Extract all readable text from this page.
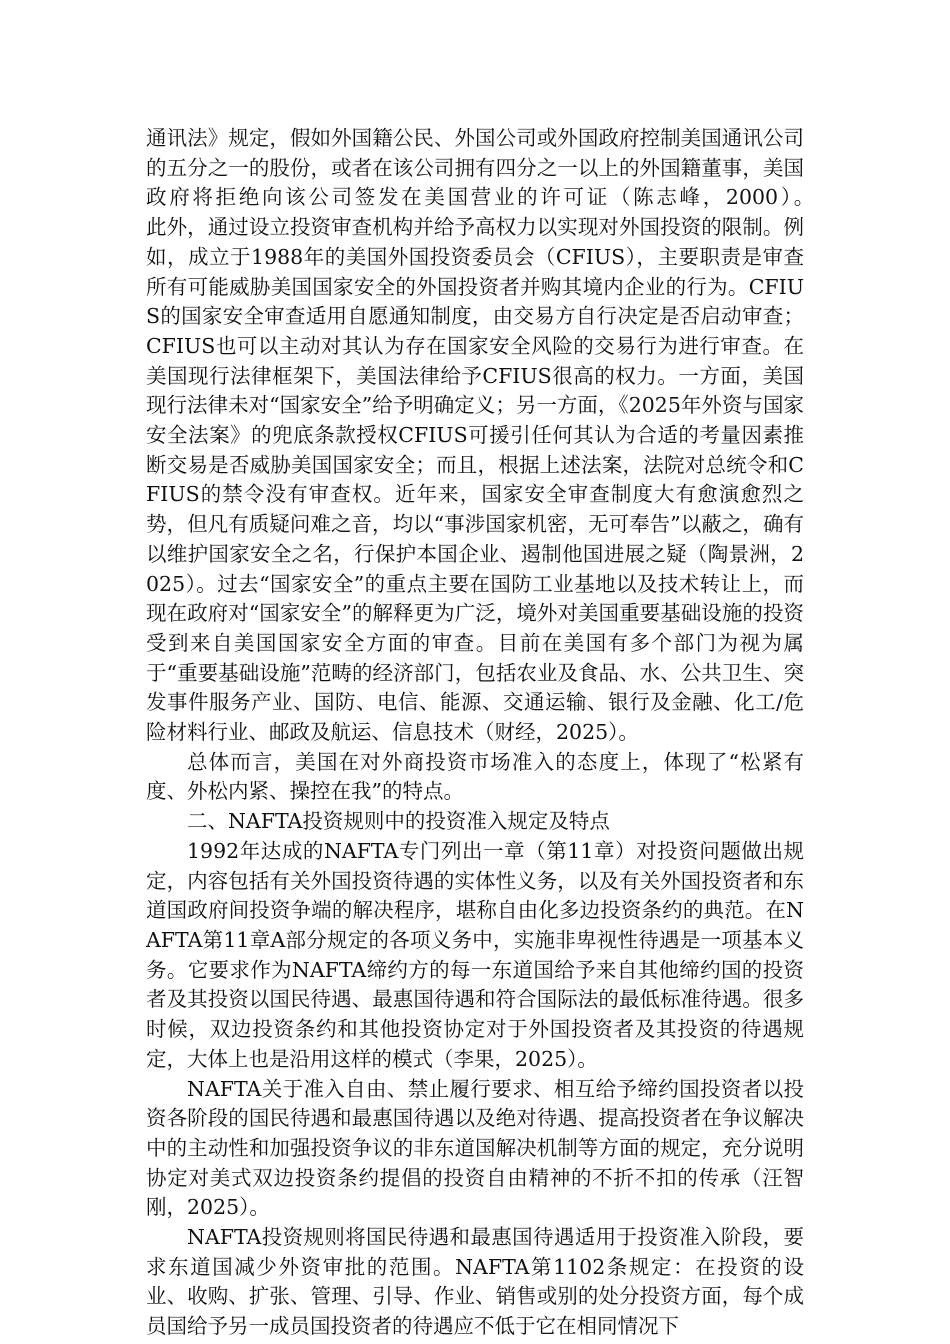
通讯法》规定，假如外国籍公民、外国公司或外国政府控制美国通讯公司的五分之一的股份，或者在该公司拥有四分之一以上的外国籍董事，美国政府将拒绝向该公司签发在美国营业的许可证（陈志峰，2000）。　　　此外，通过设立投资审查机构并给予高权力以实现对外国投资的限制。例如，成立于1988年的美国外国投资委员会（CFIUS），主要职责是审查所有可能威胁美国国家安全的外国投资者并购其境内企业的行为。CFIUS的国家安全审查适用自愿通知制度，由交易方自行决定是否启动审查；CFIUS也可以主动对其认为存在国家安全风险的交易行为进行审查。在美国现行法律框架下，美国法律给予CFIUS很高的权力。一方面，美国现行法律未对“国家安全”给予明确定义；另一方面，《2025年外资与国家安全法案》的兜底条款授权CFIUS可援引任何其认为合适的考量因素推断交易是否威胁美国国家安全；而且，根据上述法案，法院对总统令和CFIUS的禁令没有审查权。近年来，国家安全审查制度大有愈演愈烈之势，但凡有质疑问难之音，均以“事涉国家机密，无可奉告”以蔽之，确有以维护国家安全之名，行保护本国企业、遏制他国进展之疑（陶景洲，2025）。过去“国家安全”的重点主要在国防工业基地以及技术转让上，而现在政府对“国家安全”的解释更为广泛，境外对美国重要基础设施的投资受到来自美国国家安全方面的审查。目前在美国有多个部门为视为属于“重要基础设施”范畴的经济部门，包括农业及食品、水、公共卫生、突发事件服务产业、国防、电信、能源、交通运输、银行及金融、化工/危险材料行业、邮政及航运、信息技术（财经，2025）。

总体而言，美国在对外商投资市场准入的态度上，体现了“松紧有度、外松内紧、操控在我”的特点。

二、NAFTA投资规则中的投资准入规定及特点

1992年达成的NAFTA专门列出一章（第11章）对投资问题做出规定，内容包括有关外国投资待遇的实体性义务，以及有关外国投资者和东道国政府间投资争端的解决程序，堪称自由化多边投资条约的典范。在NAFTA第11章A部分规定的各项义务中，实施非卑视性待遇是一项基本义务。它要求作为NAFTA缔约方的每一东道国给予来自其他缔约国的投资者及其投资以国民待遇、最惠国待遇和符合国际法的最低标准待遇。很多时候，双边投资条约和其他投资协定对于外国投资者及其投资的待遇规定，大体上也是沿用这样的模式（李果，2025）。

NAFTA关于准入自由、禁止履行要求、相互给予缔约国投资者以投资各阶段的国民待遇和最惠国待遇以及绝对待遇、提高投资者在争议解决中的主动性和加强投资争议的非东道国解决机制等方面的规定，充分说明协定对美式双边投资条约提倡的投资自由精神的不折不扣的传承（汪智刚，2025）。

NAFTA投资规则将国民待遇和最惠国待遇适用于投资准入阶段，要求东道国减少外资审批的范围。NAFTA第1102条规定：在投资的设业、收购、扩张、管理、引导、作业、销售或别的处分投资方面，每个成员国给予另一成员国投资者的待遇应不低于它在相同情况下
